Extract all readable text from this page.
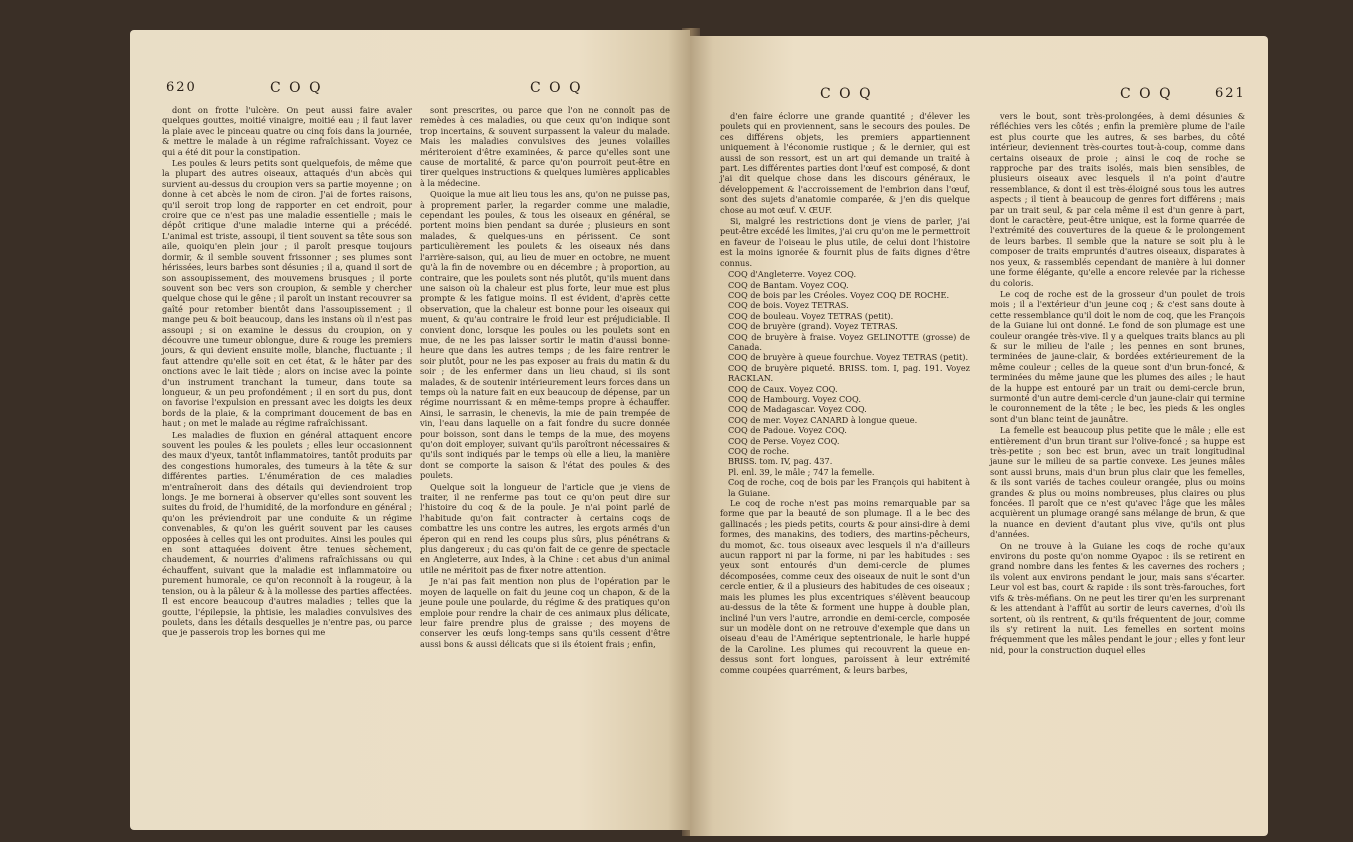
620	C O Q	C O Q

dont on frotte l'ulcère. On peut aussi faire avaler quelques gouttes, moitié vinaigre, moitié eau ; il faut laver la plaie avec le pinceau quatre ou cinq fois dans la journée, & mettre le malade à un régime rafraîchissant. Voyez ce qui a été dit pour la constipation.

Les poules & leurs petits sont quelquefois, de même que la plupart des autres oiseaux, attaqués d'un abcès qui survient au-dessus du croupion vers sa partie moyenne ; on donne à cet abcès le nom de ciron. J'ai de fortes raisons, qu'il seroit trop long de rapporter en cet endroit, pour croire que ce n'est pas une maladie essentielle ; mais le dépôt critique d'une maladie interne qui a précédé. L'animal est triste, assoupi, il tient souvent sa tête sous son aile, quoiqu'en plein jour ; il paroît presque toujours dormir, & il semble souvent frissonner ; ses plumes sont hérissées, leurs barbes sont désunies ; il a, quand il sort de son assoupissement, des mouvemens brusques ; il porte souvent son bec vers son croupion, & semble y chercher quelque chose qui le gêne ; il paroît un instant recouvrer sa gaîté pour retomber bientôt dans l'assoupissement ; il mange peu & boit beaucoup, dans les instans où il n'est pas assoupi ; si on examine le dessus du croupion, on y découvre une tumeur oblongue, dure & rouge les premiers jours, & qui devient ensuite molle, blanche, fluctuante ; il faut attendre qu'elle soit en cet état, & le hâter par des onctions avec le lait tiède ; alors on incise avec la pointe d'un instrument tranchant la tumeur, dans toute sa longueur, & un peu profondément ; il en sort du pus, dont on favorise l'expulsion en pressant avec les doigts les deux bords de la plaie, & la comprimant doucement de bas en haut ; on met le malade au régime rafraîchissant.

Les maladies de fluxion en général attaquent encore souvent les poules & les poulets ; elles leur occasionnent des maux d'yeux, tantôt inflammatoires, tantôt produits par des congestions humorales, des tumeurs à la tête & sur différentes parties. L'énumération de ces maladies m'entraîneroit dans des détails qui deviendroient trop longs. Je me bornerai à observer qu'elles sont souvent les suites du froid, de l'humidité, de la morfondure en général ; qu'on les préviendroit par une conduite & un régime convenables, & qu'on les guérit souvent par les causes opposées à celles qui les ont produites. Ainsi les poules qui en sont attaquées doivent être tenues sèchement, chaudement, & nourries d'alimens rafraîchissans ou qui échauffent, suivant que la maladie est inflammatoire ou purement humorale, ce qu'on reconnoît à la rougeur, à la tension, ou à la pâleur & à la mollesse des parties affectées. Il est encore beaucoup d'autres maladies ; telles que la goutte, l'épilepsie, la phtisie, les maladies convulsives des poulets, dans les détails desquelles je n'entre pas, ou parce que je passerois trop les bornes qui me

sont prescrites, ou parce que l'on ne connoît pas de remèdes à ces maladies, ou que ceux qu'on indique sont trop incertains, & souvent surpassent la valeur du malade. Mais les maladies convulsives des jeunes volailles mériteroient d'être examinées, & parce qu'elles sont une cause de mortalité, & parce qu'on pourroit peut-être en tirer quelques instructions & quelques lumières applicables à la médecine.

Quoique la mue ait lieu tous les ans, qu'on ne puisse pas, à proprement parler, la regarder comme une maladie, cependant les poules, & tous les oiseaux en général, se portent moins bien pendant sa durée ; plusieurs en sont malades, & quelques-uns en périssent. Ce sont particulièrement les poulets & les oiseaux nés dans l'arrière-saison, qui, au lieu de muer en octobre, ne muent qu'à la fin de novembre ou en décembre ; à proportion, au contraire, que les poulets sont nés plutôt, qu'ils muent dans une saison où la chaleur est plus forte, leur mue est plus prompte & les fatigue moins. Il est évident, d'après cette observation, que la chaleur est bonne pour les oiseaux qui muent, & qu'au contraire le froid leur est préjudiciable. Il convient donc, lorsque les poules ou les poulets sont en mue, de ne les pas laisser sortir le matin d'aussi bonne-heure que dans les autres temps ; de les faire rentrer le soir plutôt, pour ne les pas exposer au frais du matin & du soir ; de les enfermer dans un lieu chaud, si ils sont malades, & de soutenir intérieurement leurs forces dans un temps où la nature fait en eux beaucoup de dépense, par un régime nourrissant & en même-temps propre à échauffer. Ainsi, le sarrasin, le chenevis, la mie de pain trempée de vin, l'eau dans laquelle on a fait fondre du sucre donnée pour boisson, sont dans le temps de la mue, des moyens qu'on doit employer, suivant qu'ils paroîtront nécessaires & qu'ils sont indiqués par le temps où elle a lieu, la manière dont se comporte la saison & l'état des poules & des poulets.

Quelque soit la longueur de l'article que je viens de traiter, il ne renferme pas tout ce qu'on peut dire sur l'histoire du coq & de la poule. Je n'ai point parlé de l'habitude qu'on fait contracter à certains coqs de combattre les uns contre les autres, les ergots armés d'un éperon qui en rend les coups plus sûrs, plus pénétrans & plus dangereux ; du cas qu'on fait de ce genre de spectacle en Angleterre, aux Indes, à la Chine : cet abus d'un animal utile ne méritoit pas de fixer notre attention.

Je n'ai pas fait mention non plus de l'opération par le moyen de laquelle on fait du jeune coq un chapon, & de la jeune poule une poularde, du régime & des pratiques qu'on emploie pour rendre la chair de ces animaux plus délicate, leur faire prendre plus de graisse ; des moyens de conserver les œufs long-temps sans qu'ils cessent d'être aussi bons & aussi délicats que si ils étoient frais ; enfin,

C O Q	C O Q	621

d'en faire éclorre une grande quantité ; d'élever les poulets qui en proviennent, sans le secours des poules. De ces différens objets, les premiers appartiennent uniquement à l'économie rustique ; & le dernier, qui est aussi de son ressort, est un art qui demande un traité à part. Les différentes parties dont l'œuf est composé, & dont j'ai dit quelque chose dans les discours généraux, le développement & l'accroissement de l'embrion dans l'œuf, sont des sujets d'anatomie comparée, & j'en dis quelque chose au mot œuf. V. ŒUF.

Si, malgré les restrictions dont je viens de parler, j'ai peut-être excédé les limites, j'ai cru qu'on me le permettroit en faveur de l'oiseau le plus utile, de celui dont l'histoire est la moins ignorée & fournit plus de faits dignes d'être connus.

COQ d'Angleterre. Voyez COQ.

COQ de Bantam. Voyez COQ.

COQ de bois par les Créoles. Voyez COQ DE ROCHE.

COQ de bois. Voyez TETRAS.

COQ de bouleau. Voyez TETRAS (petit).

COQ de bruyère (grand). Voyez TETRAS.

COQ de bruyère à fraise. Voyez GELINOTTE (grosse) de Canada.

COQ de bruyère à queue fourchue. Voyez TETRAS (petit).

COQ de bruyère piqueté. BRISS. tom. I, pag. 191. Voyez RACKLAN.

COQ de Caux. Voyez COQ.

COQ de Hambourg. Voyez COQ.

COQ de Madagascar. Voyez COQ.

COQ de mer. Voyez CANARD à longue queue.

COQ de Padoue. Voyez COQ.

COQ de Perse. Voyez COQ.

COQ de roche.

BRISS. tom. IV, pag. 437.

Pl. enl. 39, le mâle ; 747 la femelle.

Coq de roche, coq de bois par les François qui habitent à la Guiane.

Le coq de roche n'est pas moins remarquable par sa forme que par la beauté de son plumage. Il a le bec des gallinacés ; les pieds petits, courts & pour ainsi-dire à demi formes, des manakins, des todiers, des martins-pêcheurs, du momot, &c. tous oiseaux avec lesquels il n'a d'ailleurs aucun rapport ni par la forme, ni par les habitudes : ses yeux sont entourés d'un demi-cercle de plumes décomposées, comme ceux des oiseaux de nuit le sont d'un cercle entier, & il a plusieurs des habitudes de ces oiseaux ; mais les plumes les plus excentriques s'élèvent beaucoup au-dessus de la tête & forment une huppe à double plan, incliné l'un vers l'autre, arrondie en demi-cercle, composée sur un modèle dont on ne retrouve d'exemple que dans un oiseau d'eau de l'Amérique septentrionale, le harle huppé de la Caroline. Les plumes qui recouvrent la queue en-dessus sont fort longues, paroissent à leur extrémité comme coupées quarrément, & leurs barbes,

vers le bout, sont très-prolongées, à demi désunies & réfléchies vers les côtés ; enfin la première plume de l'aile est plus courte que les autres, & ses barbes, du côté intérieur, deviennent très-courtes tout-à-coup, comme dans certains oiseaux de proie ; ainsi le coq de roche se rapproche par des traits isolés, mais bien sensibles, de plusieurs oiseaux avec lesquels il n'a point d'autre ressemblance, & dont il est très-éloigné sous tous les autres aspects ; il tient à beaucoup de genres fort différens ; mais par un trait seul, & par cela même il est d'un genre à part, dont le caractère, peut-être unique, est la forme quarrée de l'extrémité des couvertures de la queue & le prolongement de leurs barbes. Il semble que la nature se soit plu à le composer de traits empruntés d'autres oiseaux, disparates à nos yeux, & rassemblés cependant de manière à lui donner une forme élégante, qu'elle a encore relevée par la richesse du coloris.

Le coq de roche est de la grosseur d'un poulet de trois mois ; il a l'extérieur d'un jeune coq ; & c'est sans doute à cette ressemblance qu'il doit le nom de coq, que les François de la Guiane lui ont donné. Le fond de son plumage est une couleur orangée très-vive. Il y a quelques traits blancs au pli & sur le milieu de l'aile ; les pennes en sont brunes, terminées de jaune-clair, & bordées extérieurement de la même couleur ; celles de la queue sont d'un brun-foncé, & terminées du même jaune que les plumes des ailes ; le haut de la huppe est entouré par un trait ou demi-cercle brun, surmonté d'un autre demi-cercle d'un jaune-clair qui termine le couronnement de la tête ; le bec, les pieds & les ongles sont d'un blanc teint de jaunâtre.

La femelle est beaucoup plus petite que le mâle ; elle est entièrement d'un brun tirant sur l'olive-foncé ; sa huppe est très-petite ; son bec est brun, avec un trait longitudinal jaune sur le milieu de sa partie convexe. Les jeunes mâles sont aussi bruns, mais d'un brun plus clair que les femelles, & ils sont variés de taches couleur orangée, plus ou moins grandes & plus ou moins nombreuses, plus claires ou plus foncées. Il paroît que ce n'est qu'avec l'âge que les mâles acquièrent un plumage orangé sans mélange de brun, & que la nuance en devient d'autant plus vive, qu'ils ont plus d'années.

On ne trouve à la Guiane les coqs de roche qu'aux environs du poste qu'on nomme Oyapoc : ils se retirent en grand nombre dans les fentes & les cavernes des rochers ; ils volent aux environs pendant le jour, mais sans s'écarter. Leur vol est bas, court & rapide : ils sont très-farouches, fort vifs & très-méfians. On ne peut les tirer qu'en les surprenant & les attendant à l'affût au sortir de leurs cavernes, d'où ils sortent, où ils rentrent, & qu'ils fréquentent de jour, comme ils s'y retirent la nuit. Les femelles en sortent moins fréquemment que les mâles pendant le jour ; elles y font leur nid, pour la construction duquel elles
